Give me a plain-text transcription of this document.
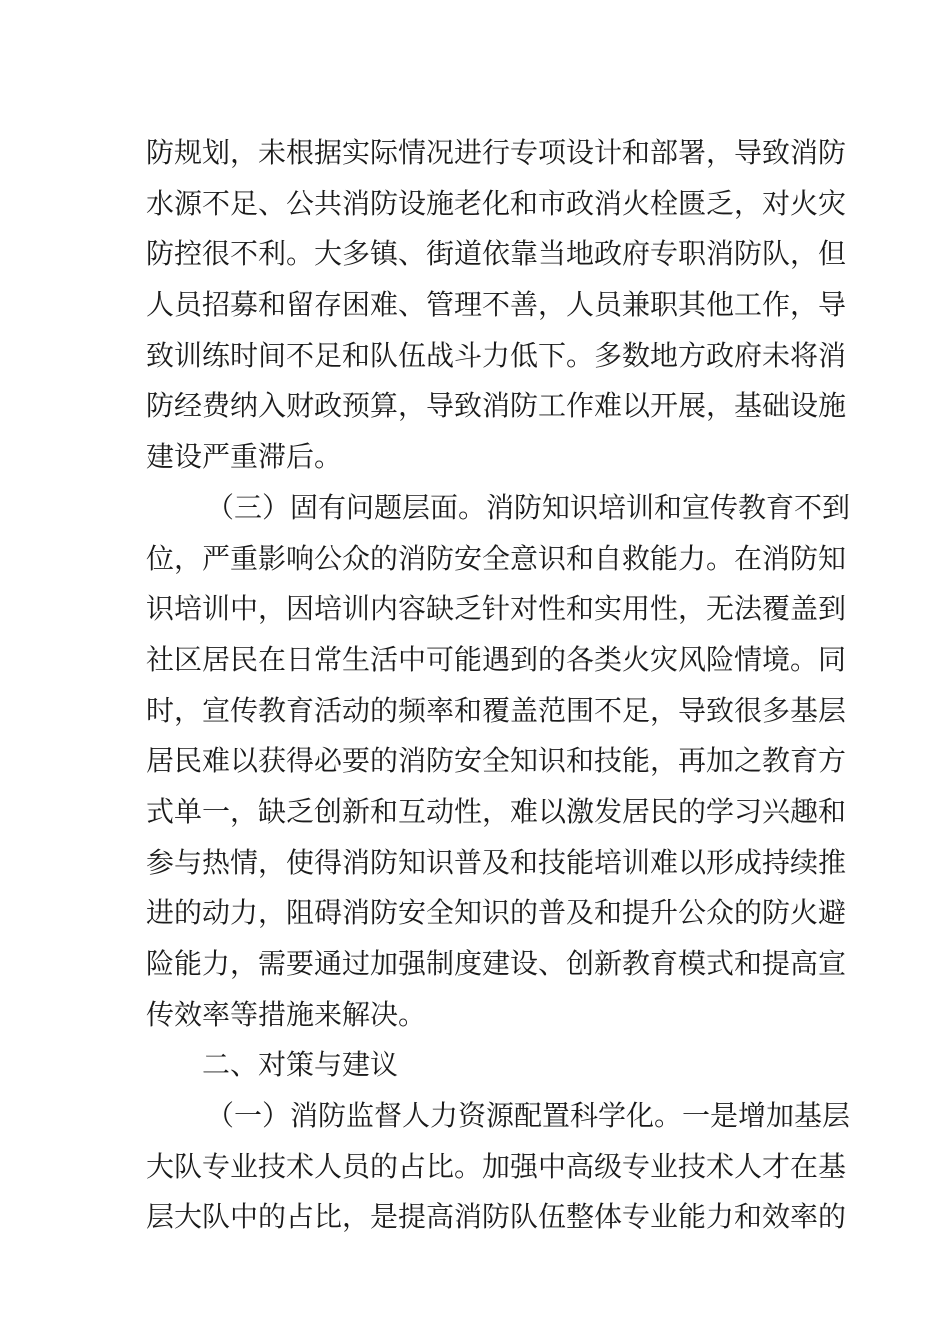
防规划，未根据实际情况进行专项设计和部署，导致消防
水源不足、公共消防设施老化和市政消火栓匮乏，对火灾
防控很不利。大多镇、街道依靠当地政府专职消防队，但
人员招募和留存困难、管理不善，人员兼职其他工作，导
致训练时间不足和队伍战斗力低下。多数地方政府未将消
防经费纳入财政预算，导致消防工作难以开展，基础设施
建设严重滞后。
（三）固有问题层面。消防知识培训和宣传教育不到
位，严重影响公众的消防安全意识和自救能力。在消防知
识培训中，因培训内容缺乏针对性和实用性，无法覆盖到
社区居民在日常生活中可能遇到的各类火灾风险情境。同
时，宣传教育活动的频率和覆盖范围不足，导致很多基层
居民难以获得必要的消防安全知识和技能，再加之教育方
式单一，缺乏创新和互动性，难以激发居民的学习兴趣和
参与热情，使得消防知识普及和技能培训难以形成持续推
进的动力，阻碍消防安全知识的普及和提升公众的防火避
险能力，需要通过加强制度建设、创新教育模式和提高宣
传效率等措施来解决。
二、对策与建议
（一）消防监督人力资源配置科学化。一是增加基层
大队专业技术人员的占比。加强中高级专业技术人才在基
层大队中的占比，是提高消防队伍整体专业能力和效率的
